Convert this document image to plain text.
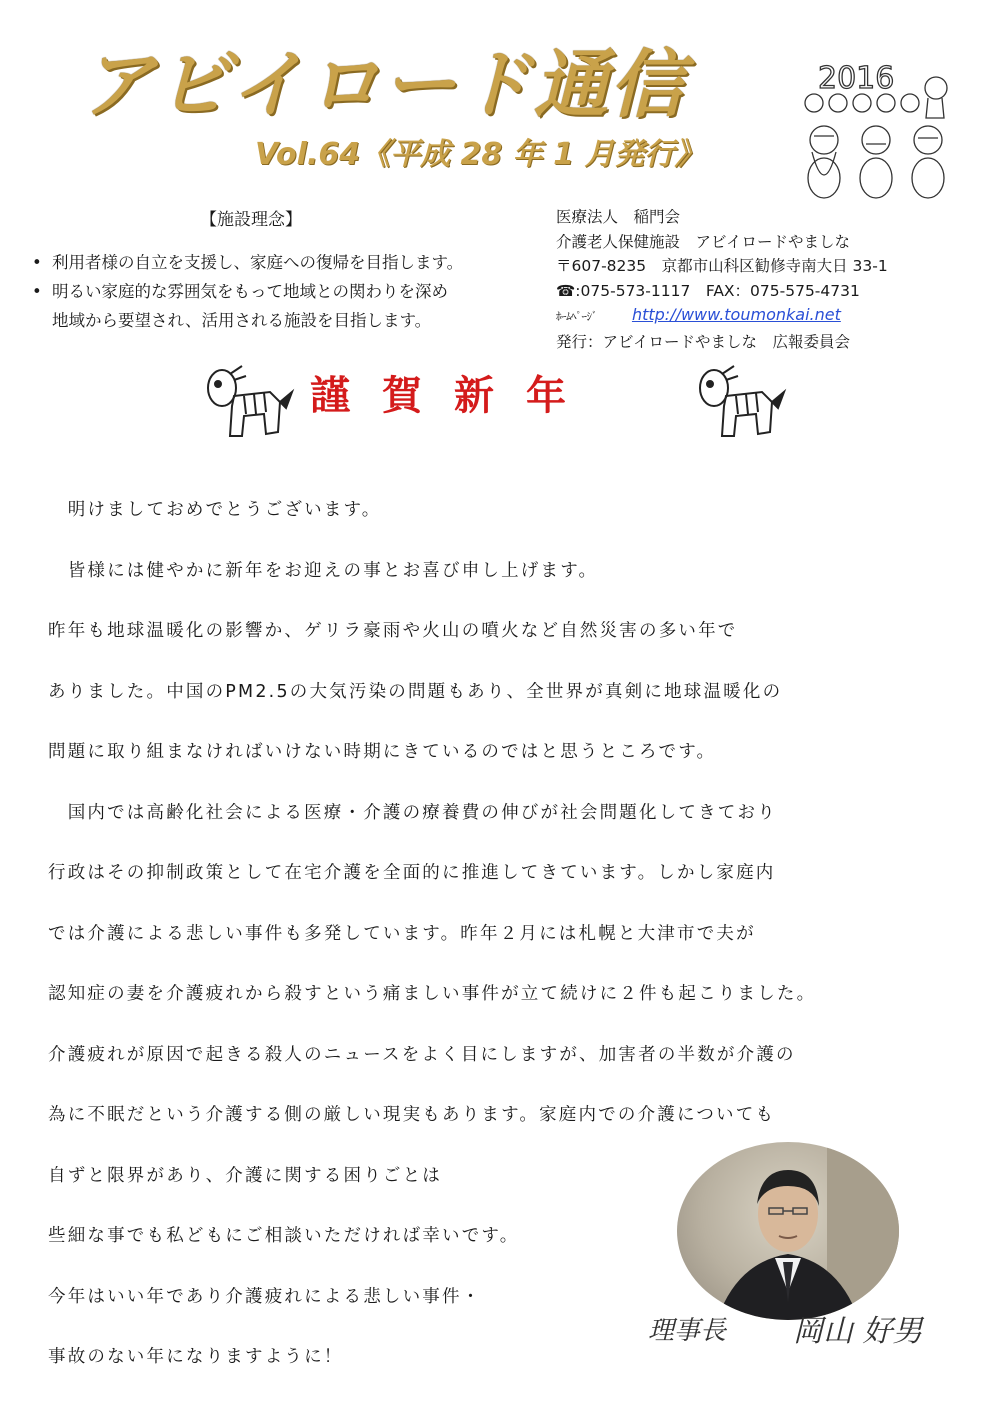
アビイロード通信
Vol.64《平成 28 年 1 月発行》
2016
【施設理念】
• 利用者様の自立を支援し、家庭への復帰を目指します。
• 明るい家庭的な雰囲気をもって地域との関わりを深め
地域から要望され、活用される施設を目指します。
医療法人　稲門会
介護老人保健施設　アビイロードやましな
〒607-8235　京都市山科区勧修寺南大日 33-1
☎:075-573-1117　FAX：075-575-4731
ﾎｰﾑﾍﾟｰｼﾞ http://www.toumonkai.net
発行：アビイロードやましな　広報委員会
謹賀新年

　明けましておめでとうございます。

　皆様には健やかに新年をお迎えの事とお喜び申し上げます。

昨年も地球温暖化の影響か、ゲリラ豪雨や火山の噴火など自然災害の多い年で

ありました。中国のPM2.5の大気汚染の問題もあり、全世界が真剣に地球温暖化の

問題に取り組まなければいけない時期にきているのではと思うところです。

　国内では高齢化社会による医療・介護の療養費の伸びが社会問題化してきており

行政はその抑制政策として在宅介護を全面的に推進してきています。しかし家庭内

では介護による悲しい事件も多発しています。昨年２月には札幌と大津市で夫が

認知症の妻を介護疲れから殺すという痛ましい事件が立て続けに２件も起こりました。

介護疲れが原因で起きる殺人のニュースをよく目にしますが、加害者の半数が介護の

為に不眠だという介護する側の厳しい現実もあります。家庭内での介護についても

自ずと限界があり、介護に関する困りごとは

些細な事でも私どもにご相談いただければ幸いです。

今年はいい年であり介護疲れによる悲しい事件・

事故のない年になりますように！

理事長 岡山 好男
